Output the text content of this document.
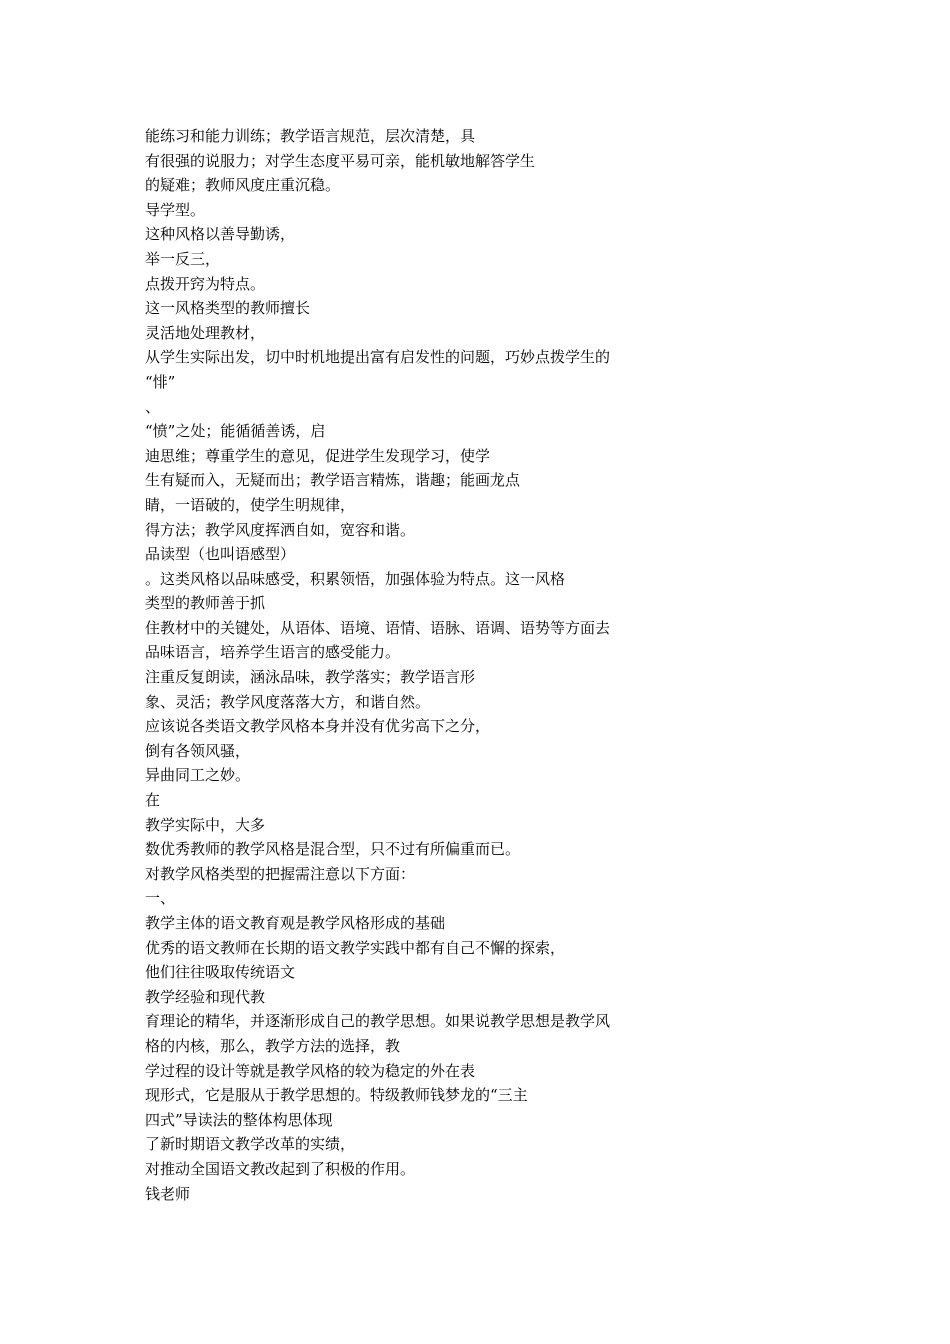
能练习和能力训练；教学语言规范，层次清楚，具
有很强的说服力；对学生态度平易可亲，能机敏地解答学生
的疑难；教师风度庄重沉稳。
导学型。
这种风格以善导勤诱，
举一反三，
点拨开窍为特点。
这一风格类型的教师擅长
灵活地处理教材，
从学生实际出发，切中时机地提出富有启发性的问题，巧妙点拨学生的
“悱”
、
“愤”之处；能循循善诱，启
迪思维；尊重学生的意见，促进学生发现学习，使学
生有疑而入，无疑而出；教学语言精炼，谐趣；能画龙点
睛，一语破的，使学生明规律，
得方法；教学风度挥洒自如，宽容和谐。
品读型（也叫语感型）
。这类风格以品味感受，积累领悟，加强体验为特点。这一风格
类型的教师善于抓
住教材中的关键处，从语体、语境、语情、语脉、语调、语势等方面去
品味语言，培养学生语言的感受能力。
注重反复朗读，涵泳品味，教学落实；教学语言形
象、灵活；教学风度落落大方，和谐自然。
应该说各类语文教学风格本身并没有优劣高下之分，
倒有各领风骚，
异曲同工之妙。
在
教学实际中，大多
数优秀教师的教学风格是混合型，只不过有所偏重而已。
对教学风格类型的把握需注意以下方面：
一、
教学主体的语文教育观是教学风格形成的基础
优秀的语文教师在长期的语文教学实践中都有自己不懈的探索，
他们往往吸取传统语文
教学经验和现代教
育理论的精华，并逐渐形成自己的教学思想。如果说教学思想是教学风
格的内核，那么，教学方法的选择，教
学过程的设计等就是教学风格的较为稳定的外在表
现形式，它是服从于教学思想的。特级教师钱梦龙的“三主
四式”导读法的整体构思体现
了新时期语文教学改革的实绩，
对推动全国语文教改起到了积极的作用。
钱老师
